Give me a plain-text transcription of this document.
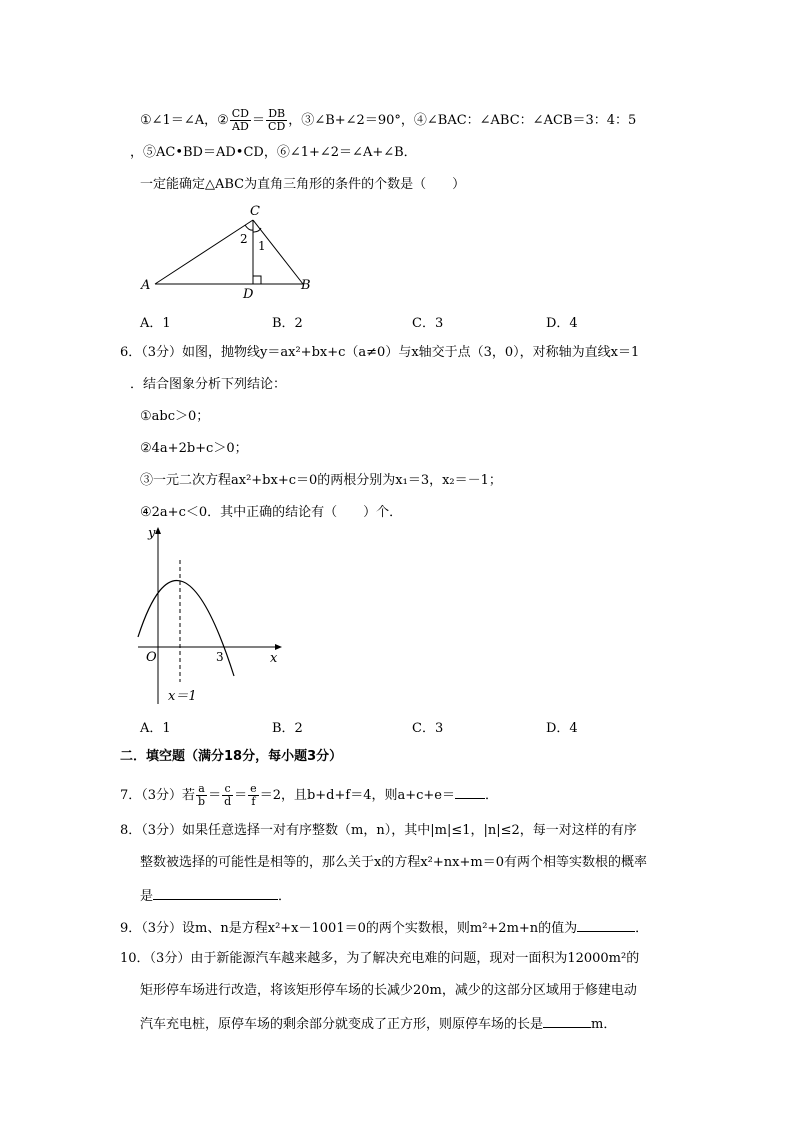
①∠1＝∠A，② $\frac{CD}{AD} = \frac{DB}{CD}$ ，③∠B+∠2＝90°，④∠BAC：∠ABC：∠ACB＝3：4：5
，⑤AC•BD＝AD•CD，⑥∠1+∠2＝∠A+∠B．
一定能确定△ABC为直角三角形的条件的个数是（　　）
C
A	B
D
2 1
A．1	B．2	C．3	D．4
6．（3分）如图，抛物线y＝ax²+bx+c（a≠0）与x轴交于点（3，0），对称轴为直线x＝1
．结合图象分析下列结论：
①abc＞0；
②4a+2b+c＞0；
③一元二次方程ax²+bx+c＝0的两根分别为x₁＝3，x₂＝－1；
④2a+c＜0．其中正确的结论有（　　）个．
y
x
O	3
x＝1
A．1	B．2	C．3	D．4
二．填空题（满分18分，每小题3分）
7．（3分）若 $\frac{a}{b} = \frac{c}{d} = \frac{e}{f} =2$，且b+d+f＝4，则a+c+e＝ ．
8．（3分）如果任意选择一对有序整数（m，n），其中|m|≤1，|n|≤2，每一对这样的有序
整数被选择的可能性是相等的，那么关于x的方程x²+nx+m＝0有两个相等实数根的概率
是	．
9．（3分）设m、n是方程x²+x－1001＝0的两个实数根，则m²+2m+n的值为	．
10．（3分）由于新能源汽车越来越多，为了解决充电难的问题，现对一面积为12000m²的
矩形停车场进行改造，将该矩形停车场的长减少20m，减少的这部分区域用于修建电动
汽车充电桩，原停车场的剩余部分就变成了正方形，则原停车场的长是	m．
